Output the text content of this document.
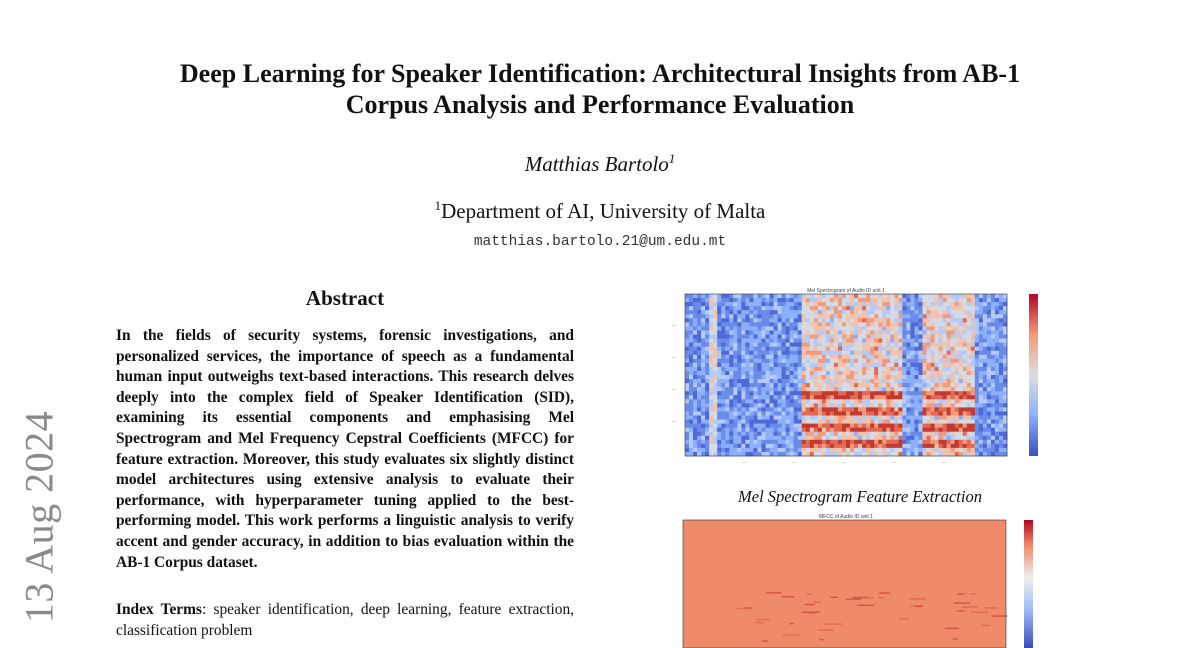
13 Aug 2024
Deep Learning for Speaker Identification: Architectural Insights from AB-1
Corpus Analysis and Performance Evaluation
Matthias Bartolo$^1$
$^1$Department of AI, University of Malta
matthias.bartolo.21@um.edu.mt
Abstract
In the fields of security systems, forensic investigations, and personalized services, the importance of speech as a fundamental human input outweighs text-based interactions. This research delves deeply into the complex field of Speaker Identification (SID), examining its essential components and emphasising Mel Spectrogram and Mel Frequency Cepstral Coefficients (MFCC) for feature extraction. Moreover, this study evaluates six slightly distinct model architectures using extensive analysis to evaluate their performance, with hyperparameter tuning applied to the best-performing model. This work performs a linguistic analysis to verify accent and gender accuracy, in addition to bias evaluation within the AB-1 Corpus dataset.
Index Terms: speaker identification, deep learning, feature extraction, classification problem
Mel Spectrogram of Audio ID unit 1
—
—
—
—
—	—	—	—	—
Mel Spectrogram Feature Extraction
MFCC of Audio ID unit 1
